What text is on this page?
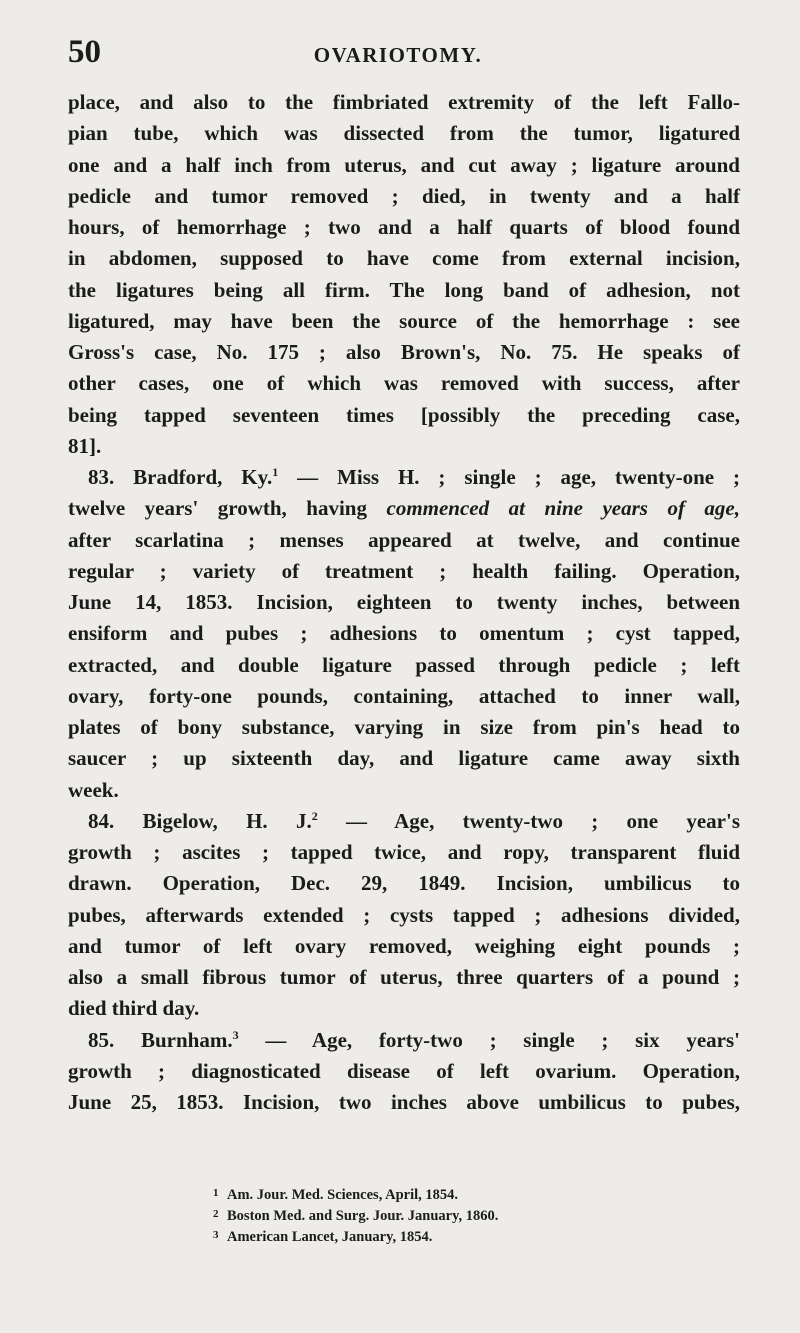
50	OVARIOTOMY.
place, and also to the fimbriated extremity of the left Fallo-
pian tube, which was dissected from the tumor, ligatured
one and a half inch from uterus, and cut away ; ligature around
pedicle and tumor removed ; died, in twenty and a half
hours, of hemorrhage ; two and a half quarts of blood found
in abdomen, supposed to have come from external incision,
the ligatures being all firm. The long band of adhesion, not
ligatured, may have been the source of the hemorrhage : see
Gross's case, No. 175 ; also Brown's, No. 75. He speaks of
other cases, one of which was removed with success, after
being tapped seventeen times [possibly the preceding case,
81].
83. Bradford, Ky.$^1$ — Miss H. ; single ; age, twenty-one ;
twelve years' growth, having commenced at nine years of age,
after scarlatina ; menses appeared at twelve, and continue
regular ; variety of treatment ; health failing. Operation,
June 14, 1853. Incision, eighteen to twenty inches, between
ensiform and pubes ; adhesions to omentum ; cyst tapped,
extracted, and double ligature passed through pedicle ; left
ovary, forty-one pounds, containing, attached to inner wall,
plates of bony substance, varying in size from pin's head to
saucer ; up sixteenth day, and ligature came away sixth
week.
84. Bigelow, H. J.$^2$ — Age, twenty-two ; one year's
growth ; ascites ; tapped twice, and ropy, transparent fluid
drawn. Operation, Dec. 29, 1849. Incision, umbilicus to
pubes, afterwards extended ; cysts tapped ; adhesions divided,
and tumor of left ovary removed, weighing eight pounds ;
also a small fibrous tumor of uterus, three quarters of a pound ;
died third day.
85. Burnham.$^3$ — Age, forty-two ; single ; six years'
growth ; diagnosticated disease of left ovarium. Operation,
June 25, 1853. Incision, two inches above umbilicus to pubes,
1 Am. Jour. Med. Sciences, April, 1854.
2 Boston Med. and Surg. Jour. January, 1860.
3 American Lancet, January, 1854.
